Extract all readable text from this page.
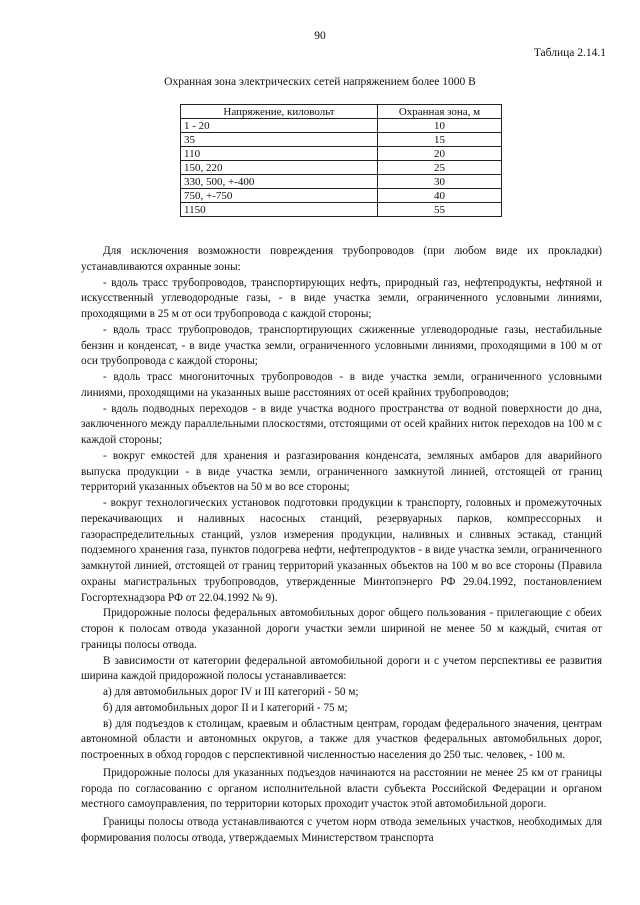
90
Таблица 2.14.1
Охранная зона электрических сетей напряжением более 1000 В
Напряжение, киловольт	Охранная зона, м
1 - 20	10
35	15
110	20
150, 220	25
330, 500, +-400	30
750, +-750	40
1150	55

Для исключения возможности повреждения трубопроводов (при любом виде их прокладки) устанавливаются охранные зоны:

- вдоль трасс трубопроводов, транспортирующих нефть, природный газ, нефтепродукты, нефтяной и искусственный углеводородные газы, - в виде участка земли, ограниченного условными линиями, проходящими в 25 м от оси трубопровода с каждой стороны;

- вдоль трасс трубопроводов, транспортирующих сжиженные углеводородные газы, нестабильные бензин и конденсат, - в виде участка земли, ограниченного условными линиями, проходящими в 100 м от оси трубопровода с каждой стороны;

- вдоль трасс многониточных трубопроводов - в виде участка земли, ограниченного условными линиями, проходящими на указанных выше расстояниях от осей крайних трубопроводов;

- вдоль подводных переходов - в виде участка водного пространства от водной поверхности до дна, заключенного между параллельными плоскостями, отстоящими от осей крайних ниток переходов на 100 м с каждой стороны;

- вокруг емкостей для хранения и разгазирования конденсата, земляных амбаров для аварийного выпуска продукции - в виде участка земли, ограниченного замкнутой линией, отстоящей от границ территорий указанных объектов на 50 м во все стороны;

- вокруг технологических установок подготовки продукции к транспорту, головных и промежуточных перекачивающих и наливных насосных станций, резервуарных парков, компрессорных и газораспределительных станций, узлов измерения продукции, наливных и сливных эстакад, станций подземного хранения газа, пунктов подогрева нефти, нефтепродуктов - в виде участка земли, ограниченного замкнутой линией, отстоящей от границ территорий указанных объектов на 100 м во все стороны (Правила охраны магистральных трубопроводов, утвержденные Минтопэнерго РФ 29.04.1992, постановлением Госгортехнадзора РФ от 22.04.1992 № 9).

Придорожные полосы федеральных автомобильных дорог общего пользования - прилегающие с обеих сторон к полосам отвода указанной дороги участки земли шириной не менее 50 м каждый, считая от границы полосы отвода.

В зависимости от категории федеральной автомобильной дороги и с учетом перспективы ее развития ширина каждой придорожной полосы устанавливается:

а) для автомобильных дорог IV и III категорий - 50 м;

б) для автомобильных дорог II и I категорий - 75 м;

в) для подъездов к столицам, краевым и областным центрам, городам федерального значения, центрам автономной области и автономных округов, а также для участков федеральных автомобильных дорог, построенных в обход городов с перспективной численностью населения до 250 тыс. человек, - 100 м.

Придорожные полосы для указанных подъездов начинаются на расстоянии не менее 25 км от границы города по согласованию с органом исполнительной власти субъекта Российской Федерации и органом местного самоуправления, по территории которых проходит участок этой автомобильной дороги.

Границы полосы отвода устанавливаются с учетом норм отвода земельных участков, необходимых для формирования полосы отвода, утверждаемых Министерством транспорта
